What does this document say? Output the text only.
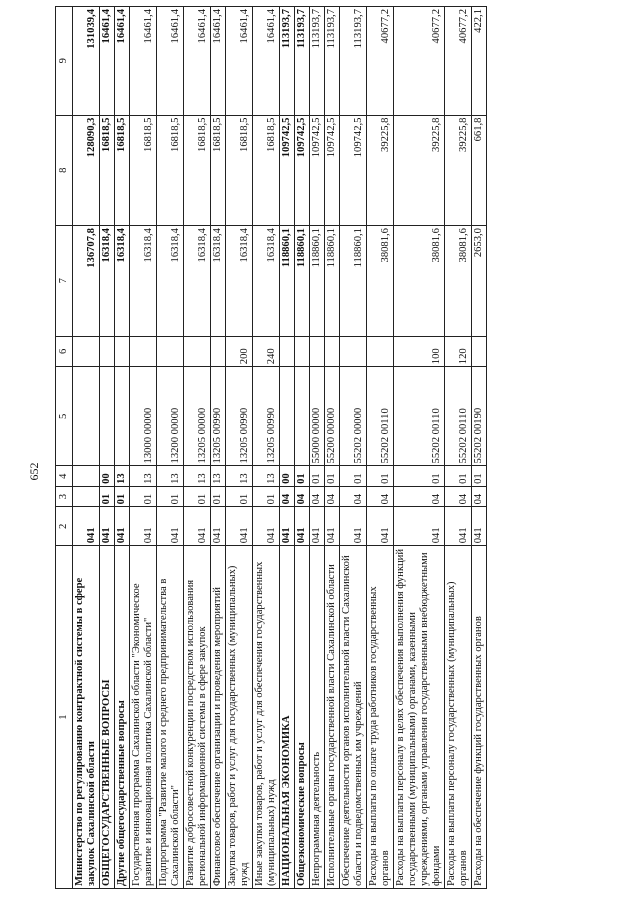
652
1	2	3	4	5	6	7	8	9
Министерство по регулированию контрактной системы в сфере закупок Сахалинской области	041					136707,8	128090,3	131039,4
ОБЩЕГОСУДАРСТВЕННЫЕ ВОПРОСЫ	041	01	00			16318,4	16818,5	16461,4
Другие общегосударственные вопросы	041	01	13			16318,4	16818,5	16461,4
Государственная программа Сахалинской области "Экономическое развитие и инновационная политика Сахалинской области"	041	01	13	13000 00000		16318,4	16818,5	16461,4
Подпрограмма "Развитие малого и среднего предпринимательства в Сахалинской области"	041	01	13	13200 00000		16318,4	16818,5	16461,4
Развитие добросовестной конкуренции посредством использования региональной информационной системы в сфере закупок	041	01	13	13205 00000		16318,4	16818,5	16461,4
Финансовое обеспечение организации и проведения мероприятий	041	01	13	13205 00990		16318,4	16818,5	16461,4
Закупка товаров, работ и услуг для государственных (муниципальных) нужд	041	01	13	13205 00990	200	16318,4	16818,5	16461,4
Иные закупки товаров, работ и услуг для обеспечения государственных (муниципальных) нужд	041	01	13	13205 00990	240	16318,4	16818,5	16461,4
НАЦИОНАЛЬНАЯ ЭКОНОМИКА	041	04	00			118860,1	109742,5	113193,7
Общеэкономические вопросы	041	04	01			118860,1	109742,5	113193,7
Непрограммная деятельность	041	04	01	55000 00000		118860,1	109742,5	113193,7
Исполнительные органы государственной власти Сахалинской области	041	04	01	55200 00000		118860,1	109742,5	113193,7
Обеспечение деятельности органов исполнительной власти Сахалинской области и подведомственных им учреждений	041	04	01	55202 00000		118860,1	109742,5	113193,7
Расходы на выплаты по оплате труда работников государственных органов	041	04	01	55202 00110		38081,6	39225,8	40677,2
Расходы на выплаты персоналу в целях обеспечения выполнения функций государственными (муниципальными) органами, казенными учреждениями, органами управления государственными внебюджетными фондами	041	04	01	55202 00110	100	38081,6	39225,8	40677,2
Расходы на выплаты персоналу государственных (муниципальных) органов	041	04	01	55202 00110	120	38081,6	39225,8	40677,2
Расходы на обеспечение функций государственных органов	041	04	01	55202 00190		2653,0	661,8	422,1
